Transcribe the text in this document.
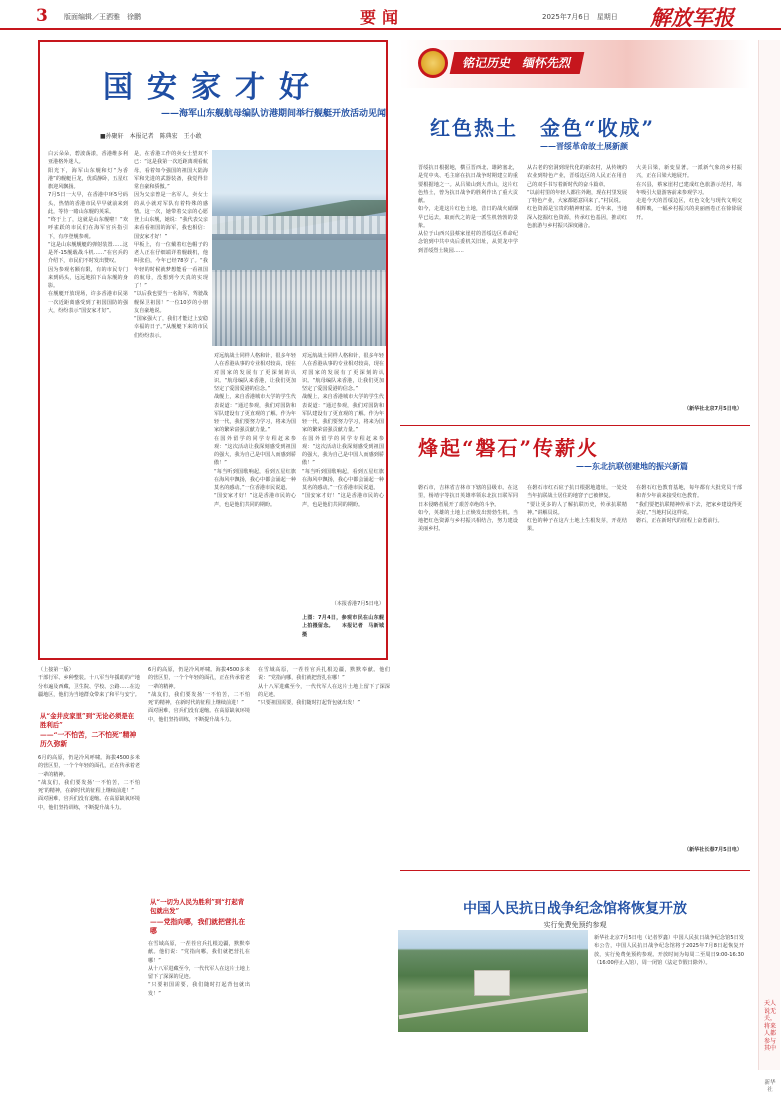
3 版面编辑／王洒雅　徐鹏	要闻	2025年7月6日　星期日 解放军报
国安家才好
——海军山东舰航母编队访港期间举行舰艇开放活动见闻
■孙聚轩　本报记者　陈典宏　王小敢
白云朵朵，碧波荡漾，香港维多利亚港格外迷人。
阳光下，海军山东舰和灯“为香港”的舰艇巨龙，优质静卧，五星红旗迎风飘扬。
7月5日一大早，在香港中环5号码头，热情的香港市民早早就前来到此，等待一睹山东舰的英采。
“终于上了，这就是山东舰啦！”欢呼雀跃的市民们在海军官兵指引下，有序登舰参观。
“这是山东舰舰艇的弹射装置……这是歼-15舰载战斗机……”在官兵的介绍下，市民们不时发出赞叹。
因为参观名额有限，有的市民专门来到码头，远远地拍下山东舰的身影。
在舰艇开放现场，许多香港市民第一次近距离感受到了祖国国防的强大，纷纷表示“国安家才好”。
是，在香港工作的卖女士望双不已：“这是我第一次近距离观看航母，看着如今强国的祖国大陆海军和先进的武器装备，我觉得非常自豪和骄傲。”
因为父亲曾是一名军人，卖女士的从小就对军队有着特殊的感情。这一次，她带着父亲的心愿登上山东舰，她说：“我代表父亲来看看祖国的海军，我也相信：国安家才好！”
甲板上，有一位戴着红色帽子的老人正在仔细端详着舰载机，他叫张伯，今年已经78岁了。“我年轻的时候就梦想能看一看祖国的航母，没想到今天真的实现了！”
“以后我也要当一名海军，驾驶战舰保卫祖国！”一位10岁的小朋友自豪地说。
“国家强大了，我们才能过上安稳幸福的日子。”从舰艇下来的市民们纷纷表示。
对远航战士同样人格和针，很多年轻人在香港从事的专业相对较高，现在对国家的发展有了更深刻的认识。“航母编队来香港，让我们更加坚定了爱国爱港的信念。”
战舰上，来自香港城市大学的学生代表说道：“通过参观，我们对国防和军队建设有了更直观的了解。作为年轻一代，我们要努力学习，将来为国家的繁荣富强贡献力量。”
在国外留学的同学专程赶来参观：“这次活动让我深刻感受到祖国的强大，我为自己是中国人而感到骄傲！”
“每当听到国歌响起，看到五星红旗在海风中飘扬，我心中都会涌起一种莫名的感动。”一位香港市民说道。
“国安家才好！”这是香港市民的心声，也是他们共同的期盼。
对远航战士同样人格和针，很多年轻人在香港从事的专业相对较高，现在对国家的发展有了更深刻的认识。“航母编队来香港，让我们更加坚定了爱国爱港的信念。”
战舰上，来自香港城市大学的学生代表说道：“通过参观，我们对国防和军队建设有了更直观的了解。作为年轻一代，我们要努力学习，将来为国家的繁荣富强贡献力量。”
在国外留学的同学专程赶来参观：“这次活动让我深刻感受到祖国的强大，我为自己是中国人而感到骄傲！”
“每当听到国歌响起，看到五星红旗在海风中飘扬，我心中都会涌起一种莫名的感动。”一位香港市民说道。
“国安家才好！”这是香港市民的心声，也是他们共同的期盼。
（本报香港7月5日电）
上图：7月4日，参观市民在山东舰上拍摄留念。　　本报记者　马新城　摄
铭记历史　缅怀先烈
红色热土　金色“收成”
——晋绥革命故土展新颜
晋绥抗日根据地，横亘晋西北、雄跨塞北，是党中央、毛主席在抗日战争时期建立的重要根据地之一。从吕梁山到大青山，这片红色热土，曾为抗日战争的胜利作出了重大贡献。
如今，走进这片红色土地，昔日的战火硝烟早已远去，取而代之的是一派生机勃勃的景象。
从位于山西兴县蔡家崖村的晋绥边区革命纪念馆到中共中央后委机关旧址，从贺龙中学到晋绥烈士陵园……
从古老的窑洞到现代化的新农村，从传统的农业到特色产业，晋绥边区的人民正在用自己的双手书写着新时代的奋斗篇章。
“以前村里的年轻人都往外跑，现在村里发展了特色产业，大家都愿意回来了。”村民说。
红色资源是宝贵的精神财富。近年来，当地深入挖掘红色资源，传承红色基因，推动红色旅游与乡村振兴深度融合。
大美吕梁，新变显著。一派新气象的乡村振兴，正在吕梁大地展开。
在兴县，蔡家崖村已建成红色旅游示范村，每年吸引大量游客前来参观学习。
走进今天的晋绥边区，红色文化与现代文明交相辉映，一幅乡村振兴的美丽画卷正在徐徐展开。
（新华社北京7月5日电）
烽起“磐石”传薪火
——东北抗联创建地的振兴新篇
磐石市，吉林省吉林市下辖的县级市。在这里，杨靖宇等抗日英雄率领东北抗日联军同日本侵略者展开了艰苦卓绝的斗争。
如今，英雄的土地上正焕发出勃勃生机。当地把红色资源与乡村振兴相结合，努力建设美丽乡村。
在磐石市红石砬子抗日根据地遗址，一处处当年抗联战士居住的地窨子已被修复。
“要让更多的人了解抗联历史，传承抗联精神。”讲解员说。
红色的种子在这片土地上生根发芽，开花结果。
在磐石红色教育基地，每年都有大批党员干部和青少年前来接受红色教育。
“我们要把抗联精神传承下去，把家乡建设得更美好。”当地村民这样说。
磐石，正在新时代的征程上奋勇前行。
（新华社长春7月5日电）
中国人民抗日战争纪念馆将恢复开放
实行免费免预约参观
新华社北京7月5日电（记者罗鑫）中国人民抗日战争纪念馆5日发布公告，中国人民抗日战争纪念馆将于2025年7月8日起恢复开放，实行免费免预约参观。开放时间为每周二至周日9:00-16:30（16:00停止入馆），周一闭馆（法定节假日除外）。
（上接第一版）
干部行军、乡种整装。十八军当年援助的产地分布遍及西藏，卫生院、学校、公路……在边疆地区，他们为当地群众带来了和平与安宁。
从“金井皮家里”到“无论必须是在胜利后”
——“一不怕苦，二不怕死”精神历久弥新
6月的高原，仍是冷风呼啸。海拔4500多米的营区里，一个个年轻的面孔，正在传承着老一辈的精神。
“战友们，我们要发扬‘一不怕苦，二不怕死’的精神，在新时代的征程上继续前进！”
面对困难，官兵们没有退缩。在高原缺氧环境中，他们坚持训练，不断提升战斗力。
6月的高原，仍是冷风呼啸。海拔4500多米的营区里，一个个年轻的面孔，正在传承着老一辈的精神。
“战友们，我们要发扬‘一不怕苦，二不怕死’的精神，在新时代的征程上继续前进！”
面对困难，官兵们没有退缩。在高原缺氧环境中，他们坚持训练，不断提升战斗力。
从“一切为人民为胜利”到“打起背包就出发”
——党指向哪，我们就把营扎在哪
在雪域高原，一茬茬官兵扎根边疆，默默奉献。他们说：“党指向哪，我们就把营扎在哪！”
从十八军进藏至今，一代代军人在这片土地上留下了深深的足迹。
“只要祖国需要，我们随时打起背包就出发！”
在雪域高原，一茬茬官兵扎根边疆，默默奉献。他们说：“党指向哪，我们就把营扎在哪！”
从十八军进藏至今，一代代军人在这片土地上留下了深深的足迹。
“只要祖国需要，我们随时打起背包就出发！”
天人说无关，将来人都参与其中
新华社
